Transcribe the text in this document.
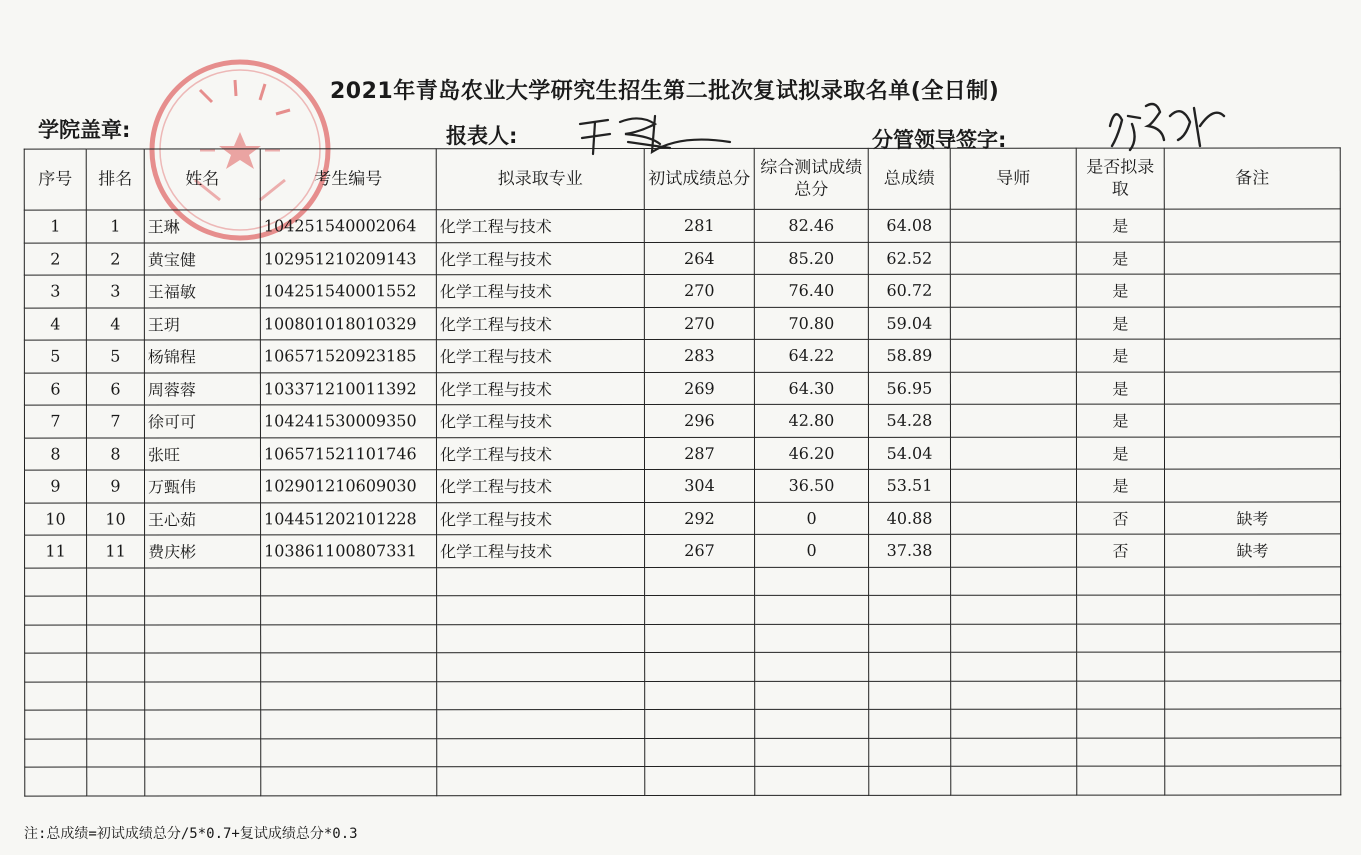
2021年青岛农业大学研究生招生第二批次复试拟录取名单(全日制)
学院盖章:	报表人:	分管领导签字:
序号	排名	姓名	考生编号	拟录取专业	初试成绩总分	综合测试成绩总分	总成绩	导师	是否拟录取	备注
1	1	王琳	104251540002064	化学工程与技术	281	82.46	64.08		是	
2	2	黄宝健	102951210209143	化学工程与技术	264	85.20	62.52		是	
3	3	王福敏	104251540001552	化学工程与技术	270	76.40	60.72		是	
4	4	王玥	100801018010329	化学工程与技术	270	70.80	59.04		是	
5	5	杨锦程	106571520923185	化学工程与技术	283	64.22	58.89		是	
6	6	周蓉蓉	103371210011392	化学工程与技术	269	64.30	56.95		是	
7	7	徐可可	104241530009350	化学工程与技术	296	42.80	54.28		是	
8	8	张旺	106571521101746	化学工程与技术	287	46.20	54.04		是	
9	9	万甄伟	102901210609030	化学工程与技术	304	36.50	53.51		是	
10	10	王心茹	104451202101228	化学工程与技术	292	0	40.88		否	缺考
11	11	费庆彬	103861100807331	化学工程与技术	267	0	37.38		否	缺考

注:总成绩=初试成绩总分/5*0.7+复试成绩总分*0.3
